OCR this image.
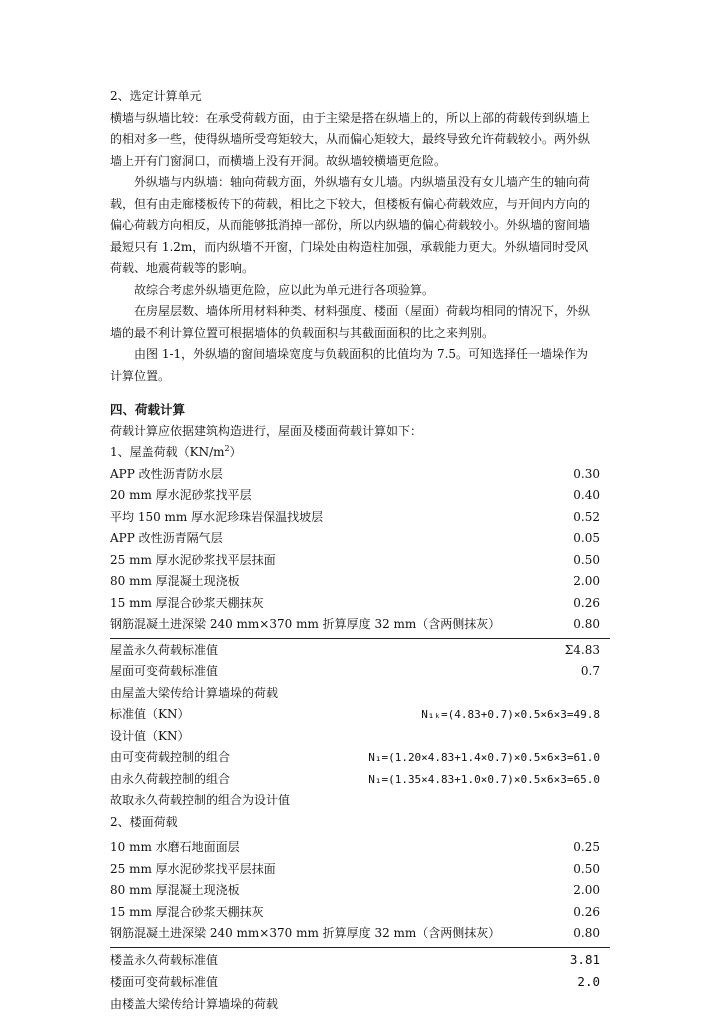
2、选定计算单元

横墙与纵墙比较：在承受荷载方面，由于主梁是搭在纵墙上的，所以上部的荷载传到纵墙上

的相对多一些，使得纵墙所受弯矩较大，从而偏心矩较大，最终导致允许荷载较小。两外纵

墙上开有门窗洞口，而横墙上没有开洞。故纵墙较横墙更危险。

外纵墙与内纵墙：轴向荷载方面，外纵墙有女儿墙。内纵墙虽没有女儿墙产生的轴向荷

载，但有由走廊楼板传下的荷载，相比之下较大，但楼板有偏心荷载效应，与开间内方向的

偏心荷载方向相反，从而能够抵消掉一部份，所以内纵墙的偏心荷载较小。外纵墙的窗间墙

最短只有 1.2m，而内纵墙不开窗，门垛处由构造柱加强，承载能力更大。外纵墙同时受风

荷载、地震荷载等的影响。

故综合考虑外纵墙更危险，应以此为单元进行各项验算。

在房屋层数、墙体所用材料种类、材料强度、楼面（屋面）荷载均相同的情况下，外纵

墙的最不利计算位置可根据墙体的负载面积与其截面面积的比之来判别。

由图 1-1，外纵墙的窗间墙垛宽度与负载面积的比值均为 7.5。可知选择任一墙垛作为

计算位置。

四、荷载计算

荷载计算应依据建筑构造进行，屋面及楼面荷载计算如下：

1、屋盖荷载$(KN/m^2)$

APP 改性沥青防水层	0.30
20 mm 厚水泥砂浆找平层	0.40
平均 150 mm 厚水泥珍珠岩保温找坡层	0.52
APP 改性沥青隔气层	0.05
25 mm 厚水泥砂浆找平层抹面	0.50
80 mm 厚混凝土现浇板	2.00
15 mm 厚混合砂浆天棚抹灰	0.26
钢筋混凝土进深梁 240 mm×370 mm 折算厚度 32 mm（含两侧抹灰）	0.80
屋盖永久荷载标准值	Σ4.83
屋面可变荷载标准值	0.7

由屋盖大梁传给计算墙垛的荷载

标准值（KN）	N₁ₖ=(4.83+0.7)×0.5×6×3=49.8

设计值（KN）

由可变荷载控制的组合	N₁=(1.20×4.83+1.4×0.7)×0.5×6×3=61.0
由永久荷载控制的组合	N₁=(1.35×4.83+1.0×0.7)×0.5×6×3=65.0

故取永久荷载控制的组合为设计值

2、楼面荷载

10 mm 水磨石地面面层	0.25
25 mm 厚水泥砂浆找平层抹面	0.50
80 mm 厚混凝土现浇板	2.00
15 mm 厚混合砂浆天棚抹灰	0.26
钢筋混凝土进深梁 240 mm×370 mm 折算厚度 32 mm（含两侧抹灰）	0.80
楼盖永久荷载标准值	3.81
楼面可变荷载标准值	2.0

由楼盖大梁传给计算墙垛的荷载
